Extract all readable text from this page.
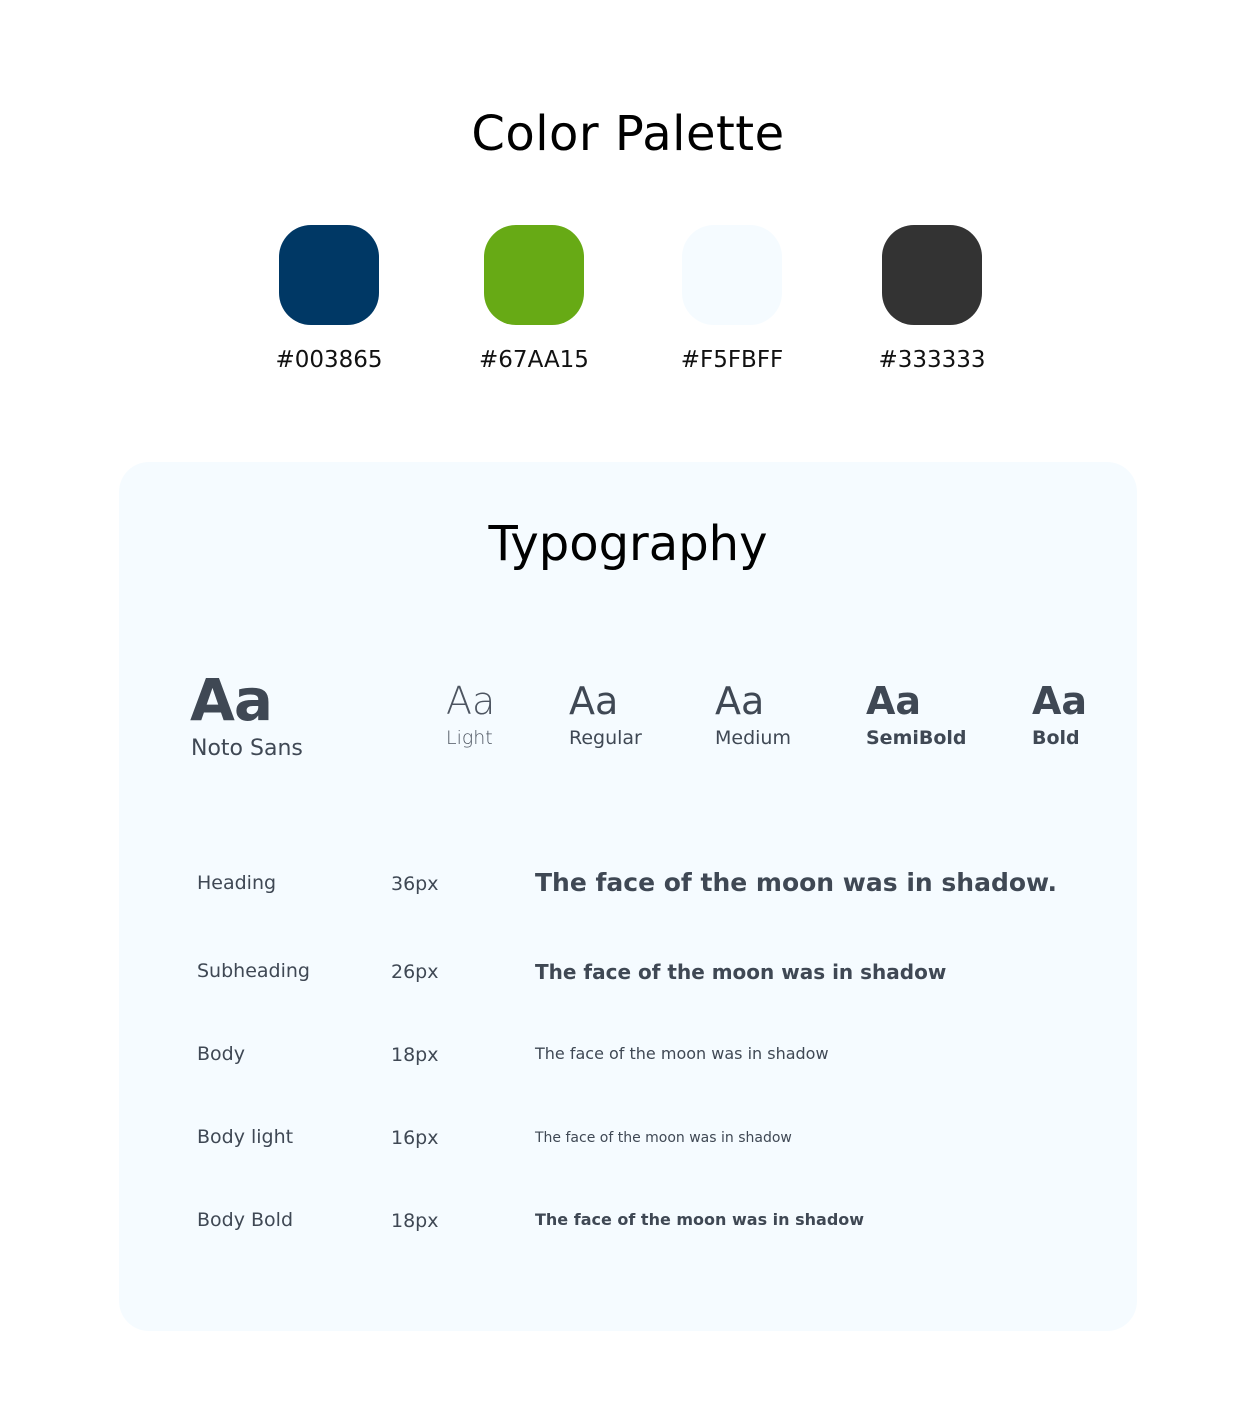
Color Palette
#003865	#67AA15	#F5FBFF	#333333
Typography
Aa
Noto Sans
Aa
Light
Aa
Regular
Aa
Medium
Aa
SemiBold
Aa
Bold
Heading	36px	The face of the moon was in shadow.
Subheading	26px	The face of the moon was in shadow
Body	18px	The face of the moon was in shadow
Body light	16px	The face of the moon was in shadow
Body Bold	18px	The face of the moon was in shadow
